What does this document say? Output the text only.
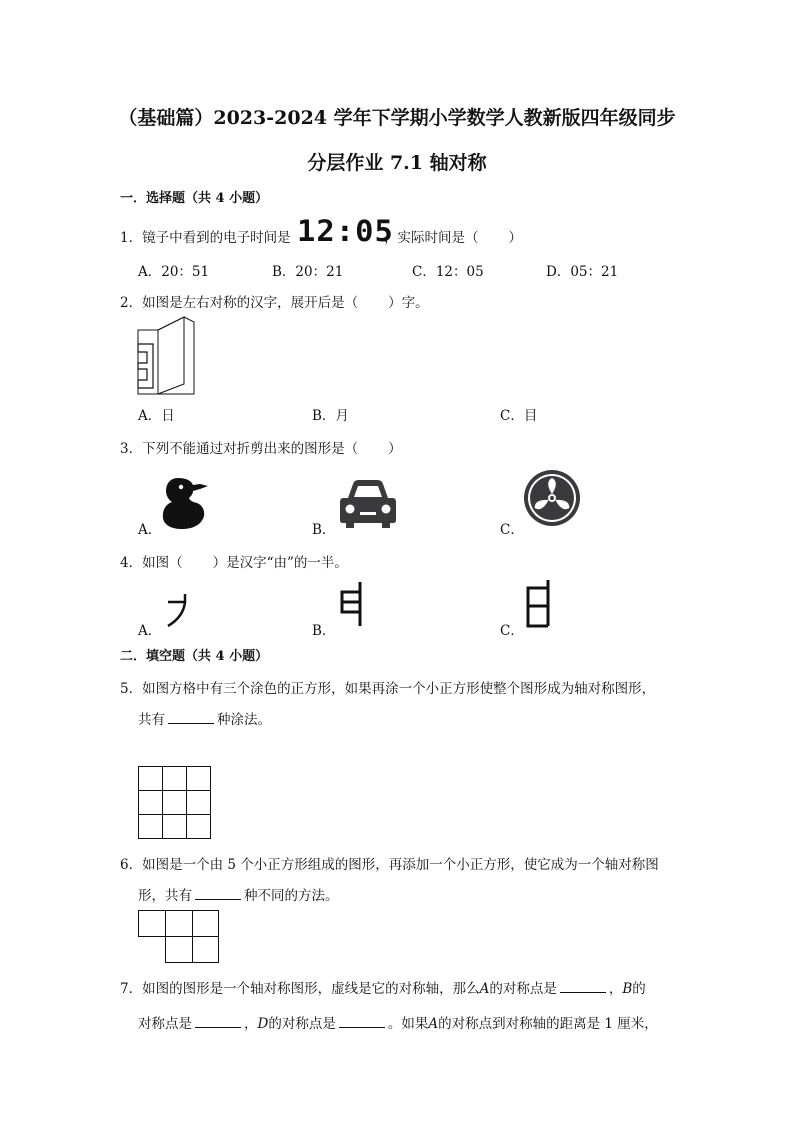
（基础篇）2023-2024 学年下学期小学数学人教新版四年级同步
分层作业 7.1 轴对称
一．选择题（共 4 小题）
1．镜子中看到的电子时间是 12:05
，实际时间是（ ）
A．20：51	B．20：21	C．12：05	D．05：21
2．如图是左右对称的汉字，展开后是（ ）字。
A．日	B．月	C．目
3．下列不能通过对折剪出来的图形是（ ）
A．	B．	C．
4．如图（ ）是汉字“由”的一半。
A．	B．	C．
二．填空题（共 4 小题）
5．如图方格中有三个涂色的正方形，如果再涂一个小正方形使整个图形成为轴对称图形，
共有	种涂法。
6．如图是一个由 5 个小正方形组成的图形，再添加一个小正方形，使它成为一个轴对称图
形，共有	种不同的方法。
7．如图的图形是一个轴对称图形，虚线是它的对称轴，那么A的对称点是	，B的
对称点是	，D的对称点是	。如果A的对称点到对称轴的距离是 1 厘米，
